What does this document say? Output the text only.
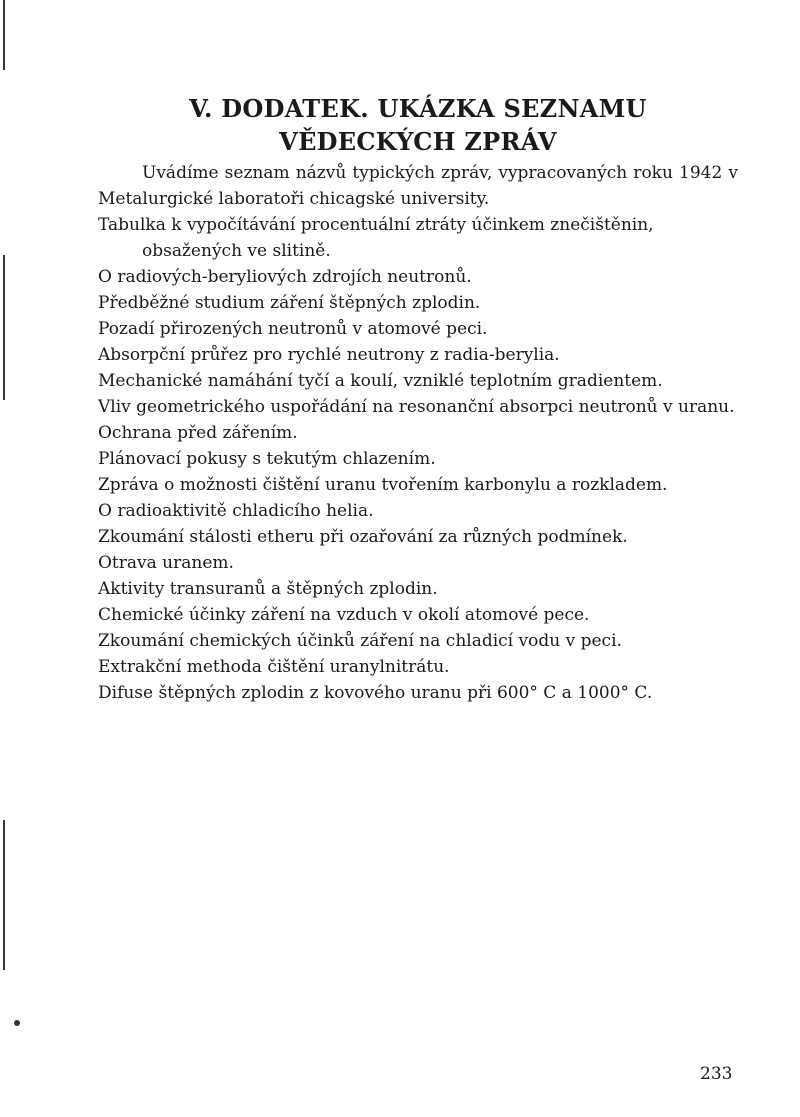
V. DODATEK. UKÁZKA SEZNAMU VĚDECKÝCH ZPRÁV

Uvádíme seznam názvů typických zpráv, vypracovaných roku 1942 v Metalurgické laboratoři chicagské university.

Tabulka k vypočítávání procentuální ztráty účinkem znečištěnin, obsažených ve slitině.
O radiových-beryliových zdrojích neutronů.
Předběžné studium záření štěpných zplodin.
Pozadí přirozených neutronů v atomové peci.
Absorpční průřez pro rychlé neutrony z radia-berylia.
Mechanické namáhání tyčí a koulí, vzniklé teplotním gradientem.
Vliv geometrického uspořádání na resonanční absorpci neutronů v uranu.
Ochrana před zářením.
Plánovací pokusy s tekutým chlazením.
Zpráva o možnosti čištění uranu tvořením karbonylu a rozkladem.
O radioaktivitě chladicího helia.
Zkoumání stálosti etheru při ozařování za různých podmínek.
Otrava uranem.
Aktivity transuranů a štěpných zplodin.
Chemické účinky záření na vzduch v okolí atomové pece.
Zkoumání chemických účinků záření na chladicí vodu v peci.
Extrakční methoda čištění uranylnitrátu.
Difuse štěpných zplodin z kovového uranu při 600° C a 1000° C.
233
